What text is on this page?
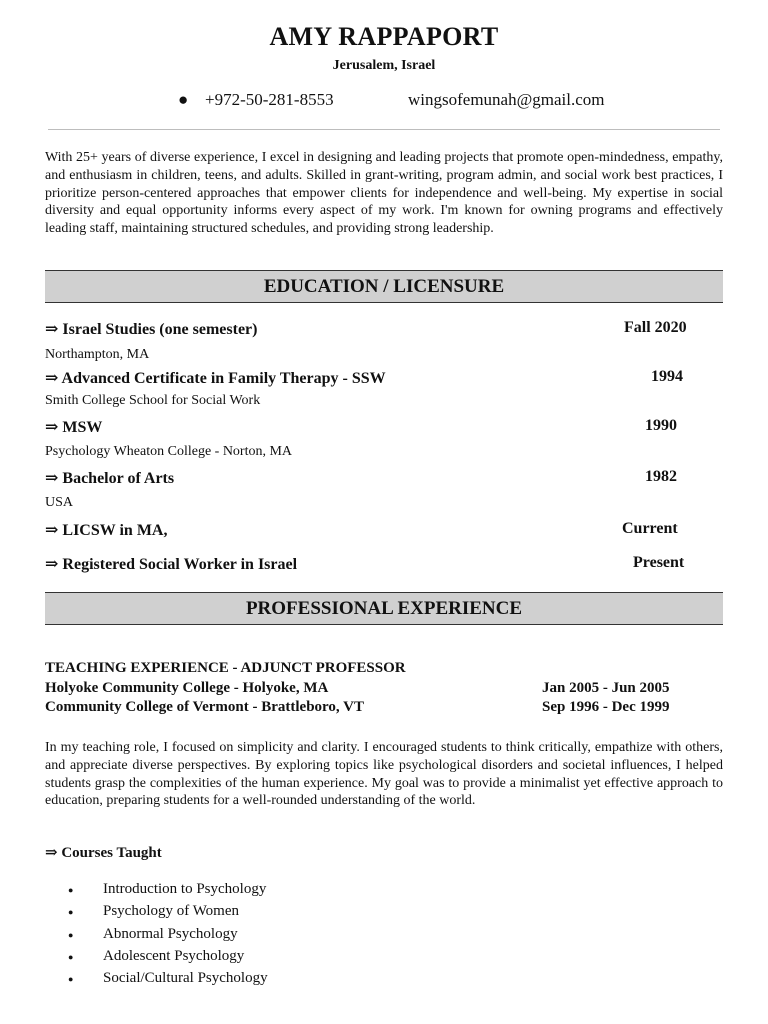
AMY RAPPAPORT
Jerusalem, Israel
● +972-50-281-8553	wingsofemunah@gmail.com
With 25+ years of diverse experience, I excel in designing and leading projects that promote open-mindedness, empathy, and enthusiasm in children, teens, and adults. Skilled in grant-writing, program admin, and social work best practices, I prioritize person-centered approaches that empower clients for independence and well-being. My expertise in social diversity and equal opportunity informs every aspect of my work. I'm known for owning programs and effectively leading staff, maintaining structured schedules, and providing strong leadership.
EDUCATION / LICENSURE
⇒ Israel Studies (one semester)	Fall 2020
Northampton, MA
⇒ Advanced Certificate in Family Therapy - SSW	1994
Smith College School for Social Work
⇒ MSW	1990
Psychology Wheaton College - Norton, MA
⇒ Bachelor of Arts	1982
USA
⇒ LICSW in MA,	Current
⇒ Registered Social Worker in Israel	Present
PROFESSIONAL EXPERIENCE
TEACHING EXPERIENCE - ADJUNCT PROFESSOR
Holyoke Community College - Holyoke, MA	Jan 2005 - Jun 2005
Community College of Vermont - Brattleboro, VT	Sep 1996 - Dec 1999
In my teaching role, I focused on simplicity and clarity. I encouraged students to think critically, empathize with others, and appreciate diverse perspectives. By exploring topics like psychological disorders and societal influences, I helped students grasp the complexities of the human experience. My goal was to provide a minimalist yet effective approach to education, preparing students for a well-rounded understanding of the world.
⇒ Courses Taught
● Introduction to Psychology
● Psychology of Women
● Abnormal Psychology
● Adolescent Psychology
● Social/Cultural Psychology
